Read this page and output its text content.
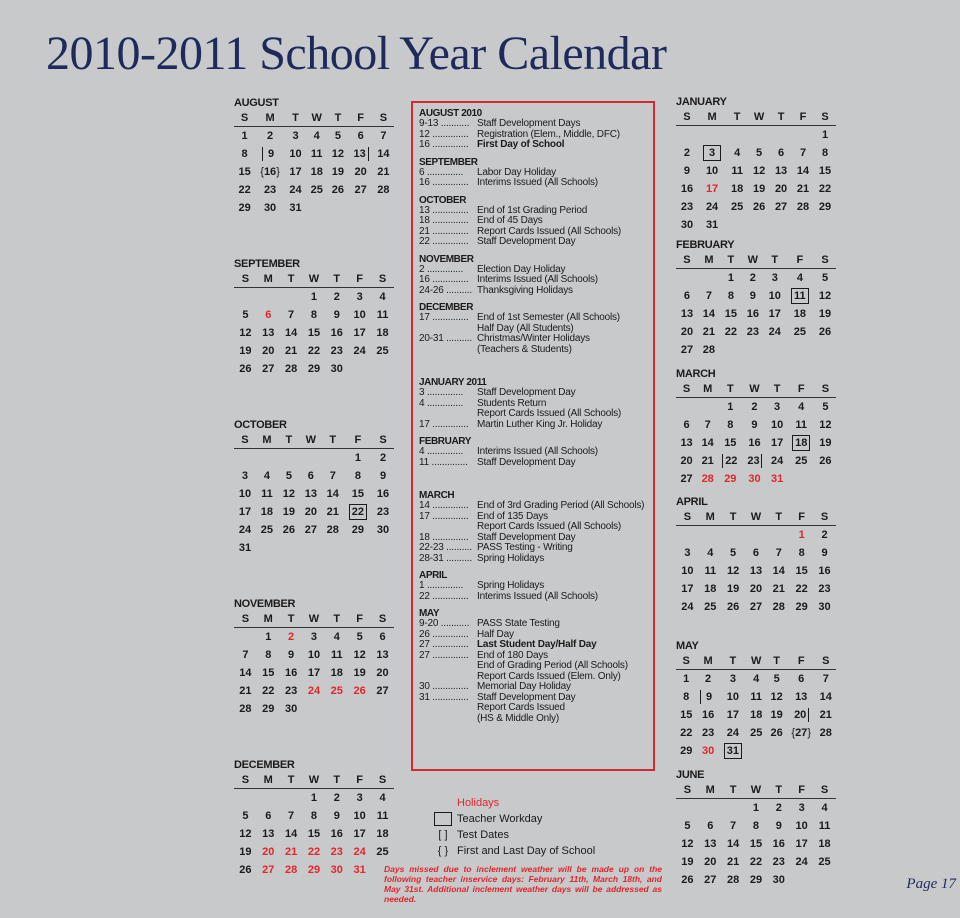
2010-2011 School Year Calendar
AUGUST
S	M	T	W	T	F	S
1	2	3	4	5	6	7
8	9	10	11	12	13	14
15	{16}	17	18	19	20	21
22	23	24	25	26	27	28
29	30	31				
SEPTEMBER
S	M	T	W	T	F	S
			1	2	3	4
5	6	7	8	9	10	11
12	13	14	15	16	17	18
19	20	21	22	23	24	25
26	27	28	29	30		
OCTOBER
S	M	T	W	T	F	S
					1	2
3	4	5	6	7	8	9
10	11	12	13	14	15	16
17	18	19	20	21	22	23
24	25	26	27	28	29	30
31						
NOVEMBER
S	M	T	W	T	F	S
	1	2	3	4	5	6
7	8	9	10	11	12	13
14	15	16	17	18	19	20
21	22	23	24	25	26	27
28	29	30				
DECEMBER
S	M	T	W	T	F	S
			1	2	3	4
5	6	7	8	9	10	11
12	13	14	15	16	17	18
19	20	21	22	23	24	25
26	27	28	29	30	31	
JANUARY
S	M	T	W	T	F	S
						1
2	3	4	5	6	7	8
9	10	11	12	13	14	15
16	17	18	19	20	21	22
23	24	25	26	27	28	29
30	31					
FEBRUARY
S	M	T	W	T	F	S
		1	2	3	4	5
6	7	8	9	10	11	12
13	14	15	16	17	18	19
20	21	22	23	24	25	26
27	28					
MARCH
S	M	T	W	T	F	S
		1	2	3	4	5
6	7	8	9	10	11	12
13	14	15	16	17	18	19
20	21	22	23	24	25	26
27	28	29	30	31		
APRIL
S	M	T	W	T	F	S
					1	2
3	4	5	6	7	8	9
10	11	12	13	14	15	16
17	18	19	20	21	22	23
24	25	26	27	28	29	30
MAY
S	M	T	W	T	F	S
1	2	3	4	5	6	7
8	9	10	11	12	13	14
15	16	17	18	19	20	21
22	23	24	25	26	{27}	28
29	30	31				
JUNE
S	M	T	W	T	F	S
			1	2	3	4
5	6	7	8	9	10	11
12	13	14	15	16	17	18
19	20	21	22	23	24	25
26	27	28	29	30		
AUGUST 2010
9-13 ........... Staff Development Days
12 .............. Registration (Elem., Middle, DFC)
16 .............. First Day of School
SEPTEMBER
6 ..............	Labor Day Holiday
16 .............. Interims Issued (All Schools)
OCTOBER
13 .............. End of 1st Grading Period
18 .............. End of 45 Days
21 .............. Report Cards Issued (All Schools)
22 .............. Staff Development Day
NOVEMBER
2 ..............	Election Day Holiday
16 .............. Interims Issued (All Schools)
24-26 .......... Thanksgiving Holidays
DECEMBER
17 .............. End of 1st Semester (All Schools)
Half Day (All Students)
20-31 .......... Christmas/Winter Holidays
(Teachers & Students)
JANUARY 2011
3 ..............	Staff Development Day
4 ..............	Students Return
Report Cards Issued (All Schools)
17 .............. Martin Luther King Jr. Holiday
FEBRUARY
4 ..............	Interims Issued (All Schools)
11 .............. Staff Development Day
MARCH
14 .............. End of 3rd Grading Period (All Schools)
17 .............. End of 135 Days
Report Cards Issued (All Schools)
18 .............. Staff Development Day
22-23 .......... PASS Testing - Writing
28-31 .......... Spring Holidays
APRIL
1 ..............	Spring Holidays
22 .............. Interims Issued (All Schools)
MAY
9-20 ........... PASS State Testing
26 .............. Half Day
27 .............. Last Student Day/Half Day
27 .............. End of 180 Days
End of Grading Period (All Schools)
Report Cards Issued (Elem. Only)
30 .............. Memorial Day Holiday
31 .............. Staff Development Day
Report Cards Issued
(HS & Middle Only)
Holidays
Teacher Workday
[ ] Test Dates
{ } First and Last Day of School
Days missed due to inclement weather will be made up on the following teacher inservice days: February 11th, March 18th, and May 31st. Additional inclement weather days will be addressed as needed.
Page 17
